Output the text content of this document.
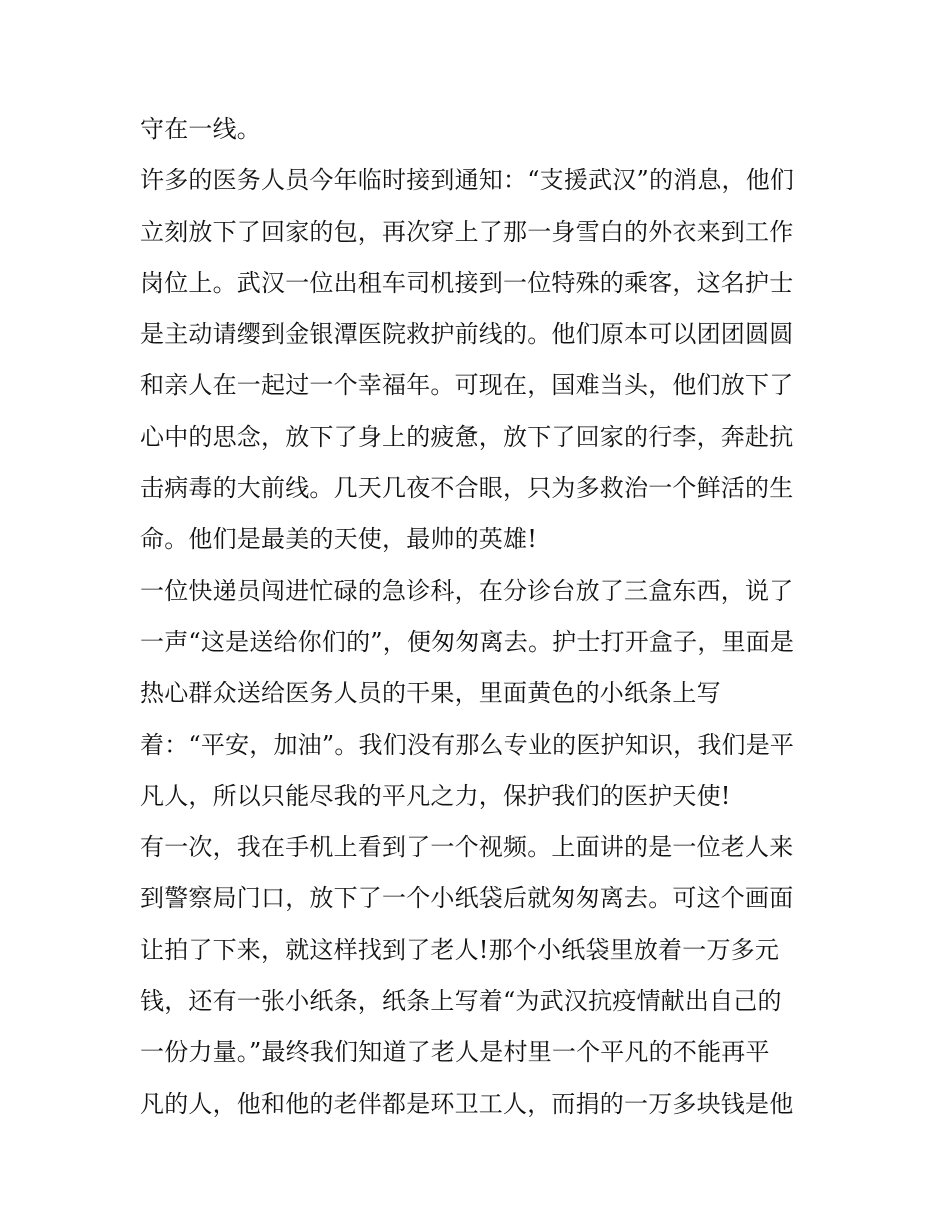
守在一线。
许多的医务人员今年临时接到通知：“支援武汉”的消息，他们
立刻放下了回家的包，再次穿上了那一身雪白的外衣来到工作
岗位上。武汉一位出租车司机接到一位特殊的乘客，这名护士
是主动请缨到金银潭医院救护前线的。他们原本可以团团圆圆
和亲人在一起过一个幸福年。可现在，国难当头，他们放下了
心中的思念，放下了身上的疲惫，放下了回家的行李，奔赴抗
击病毒的大前线。几天几夜不合眼，只为多救治一个鲜活的生
命。他们是最美的天使，最帅的英雄!
一位快递员闯进忙碌的急诊科，在分诊台放了三盒东西，说了
一声“这是送给你们的”，便匆匆离去。护士打开盒子，里面是
热心群众送给医务人员的干果，里面黄色的小纸条上写
着：“平安，加油”。我们没有那么专业的医护知识，我们是平
凡人，所以只能尽我的平凡之力，保护我们的医护天使!
有一次，我在手机上看到了一个视频。上面讲的是一位老人来
到警察局门口，放下了一个小纸袋后就匆匆离去。可这个画面
让拍了下来，就这样找到了老人!那个小纸袋里放着一万多元
钱，还有一张小纸条，纸条上写着“为武汉抗疫情献出自己的
一份力量。”最终我们知道了老人是村里一个平凡的不能再平
凡的人，他和他的老伴都是环卫工人，而捐的一万多块钱是他
